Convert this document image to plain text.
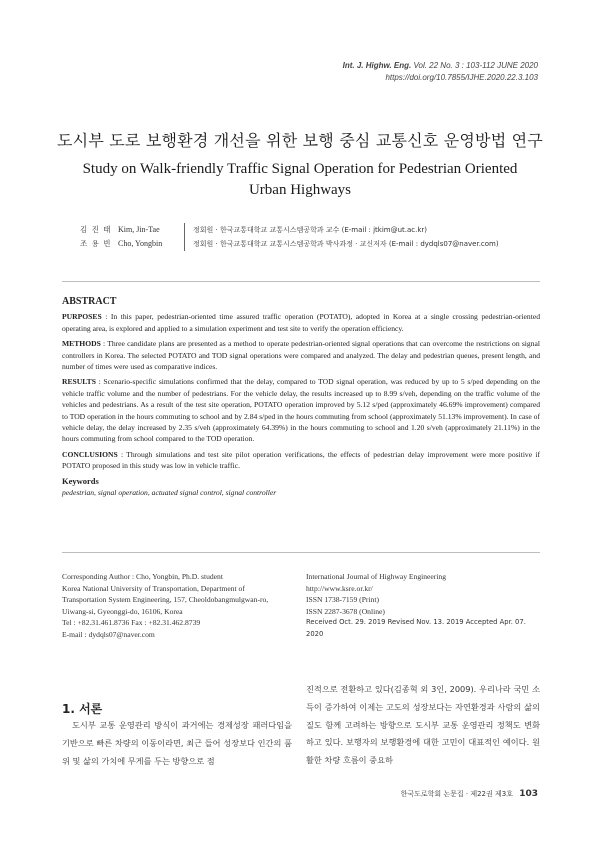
Int. J. Highw. Eng. Vol. 22 No. 3 : 103-112 JUNE 2020
https://doi.org/10.7855/IJHE.2020.22.3.103
도시부 도로 보행환경 개선을 위한 보행 중심 교통신호 운영방법 연구
Study on Walk-friendly Traffic Signal Operation for Pedestrian Oriented
Urban Highways
김 진 태 Kim, Jin-Tae	정회원 · 한국교통대학교 교통시스템공학과 교수 (E-mail : jtkim@ut.ac.kr)
조 용 빈 Cho, Yongbin	정회원 · 한국교통대학교 교통시스템공학과 박사과정 · 교신저자 (E-mail : dydqls07@naver.com)
ABSTRACT

PURPOSES : In this paper, pedestrian-oriented time assured traffic operation (POTATO), adopted in Korea at a single crossing pedestrian-oriented operating area, is explored and applied to a simulation experiment and test site to verify the operation efficiency.

METHODS : Three candidate plans are presented as a method to operate pedestrian-oriented signal operations that can overcome the restrictions on signal controllers in Korea. The selected POTATO and TOD signal operations were compared and analyzed. The delay and pedestrian queues, present length, and number of times were used as comparative indices.

RESULTS : Scenario-specific simulations confirmed that the delay, compared to TOD signal operation, was reduced by up to 5 s/ped depending on the vehicle traffic volume and the number of pedestrians. For the vehicle delay, the results increased up to 8.99 s/veh, depending on the traffic volume of the vehicles and pedestrians. As a result of the test site operation, POTATO operation improved by 5.12 s/ped (approximately 46.69% improvement) compared to TOD operation in the hours commuting to school and by 2.84 s/ped in the hours commuting from school (approximately 51.13% improvement). In case of vehicle delay, the delay increased by 2.35 s/veh (approximately 64.39%) in the hours commuting to school and 1.20 s/veh (approximately 21.11%) in the hours commuting from school compared to the TOD operation.

CONCLUSIONS : Through simulations and test site pilot operation verifications, the effects of pedestrian delay improvement were more positive if POTATO proposed in this study was low in vehicle traffic.

Keywords
pedestrian, signal operation, actuated signal control, signal controller
Corresponding Author : Cho, Yongbin, Ph.D. student
Korea National University of Transportation, Department of
Transportation System Engineering, 157, Cheoldobangmulgwan-ro,
Uiwang-si, Gyeonggi-do, 16106, Korea
Tel : +82.31.461.8736 Fax : +82.31.462.8739
E-mail : dydqls07@naver.com
International Journal of Highway Engineering
http://www.ksre.or.kr/
ISSN 1738-7159 (Print)
ISSN 2287-3678 (Online)
Received Oct. 29. 2019 Revised Nov. 13. 2019 Accepted Apr. 07. 2020
1. 서론
도시부 교통 운영관리 방식이 과거에는 경제성장 패러다임을 기반으로 빠른 차량의 이동이라면, 최근 들어 성장보다 인간의 품위 및 삶의 가치에 무게를 두는 방향으로 점
진적으로 전환하고 있다(김종혁 외 3인, 2009). 우리나라 국민 소득이 증가하여 이제는 고도의 성장보다는 자연환경과 사람의 삶의 질도 함께 고려하는 방향으로 도시부 교통 운영관리 정책도 변화하고 있다. 보행자의 보행환경에 대한 고민이 대표적인 예이다. 원활한 차량 흐름이 중요하
한국도로학회 논문집 · 제22권 제3호 103
